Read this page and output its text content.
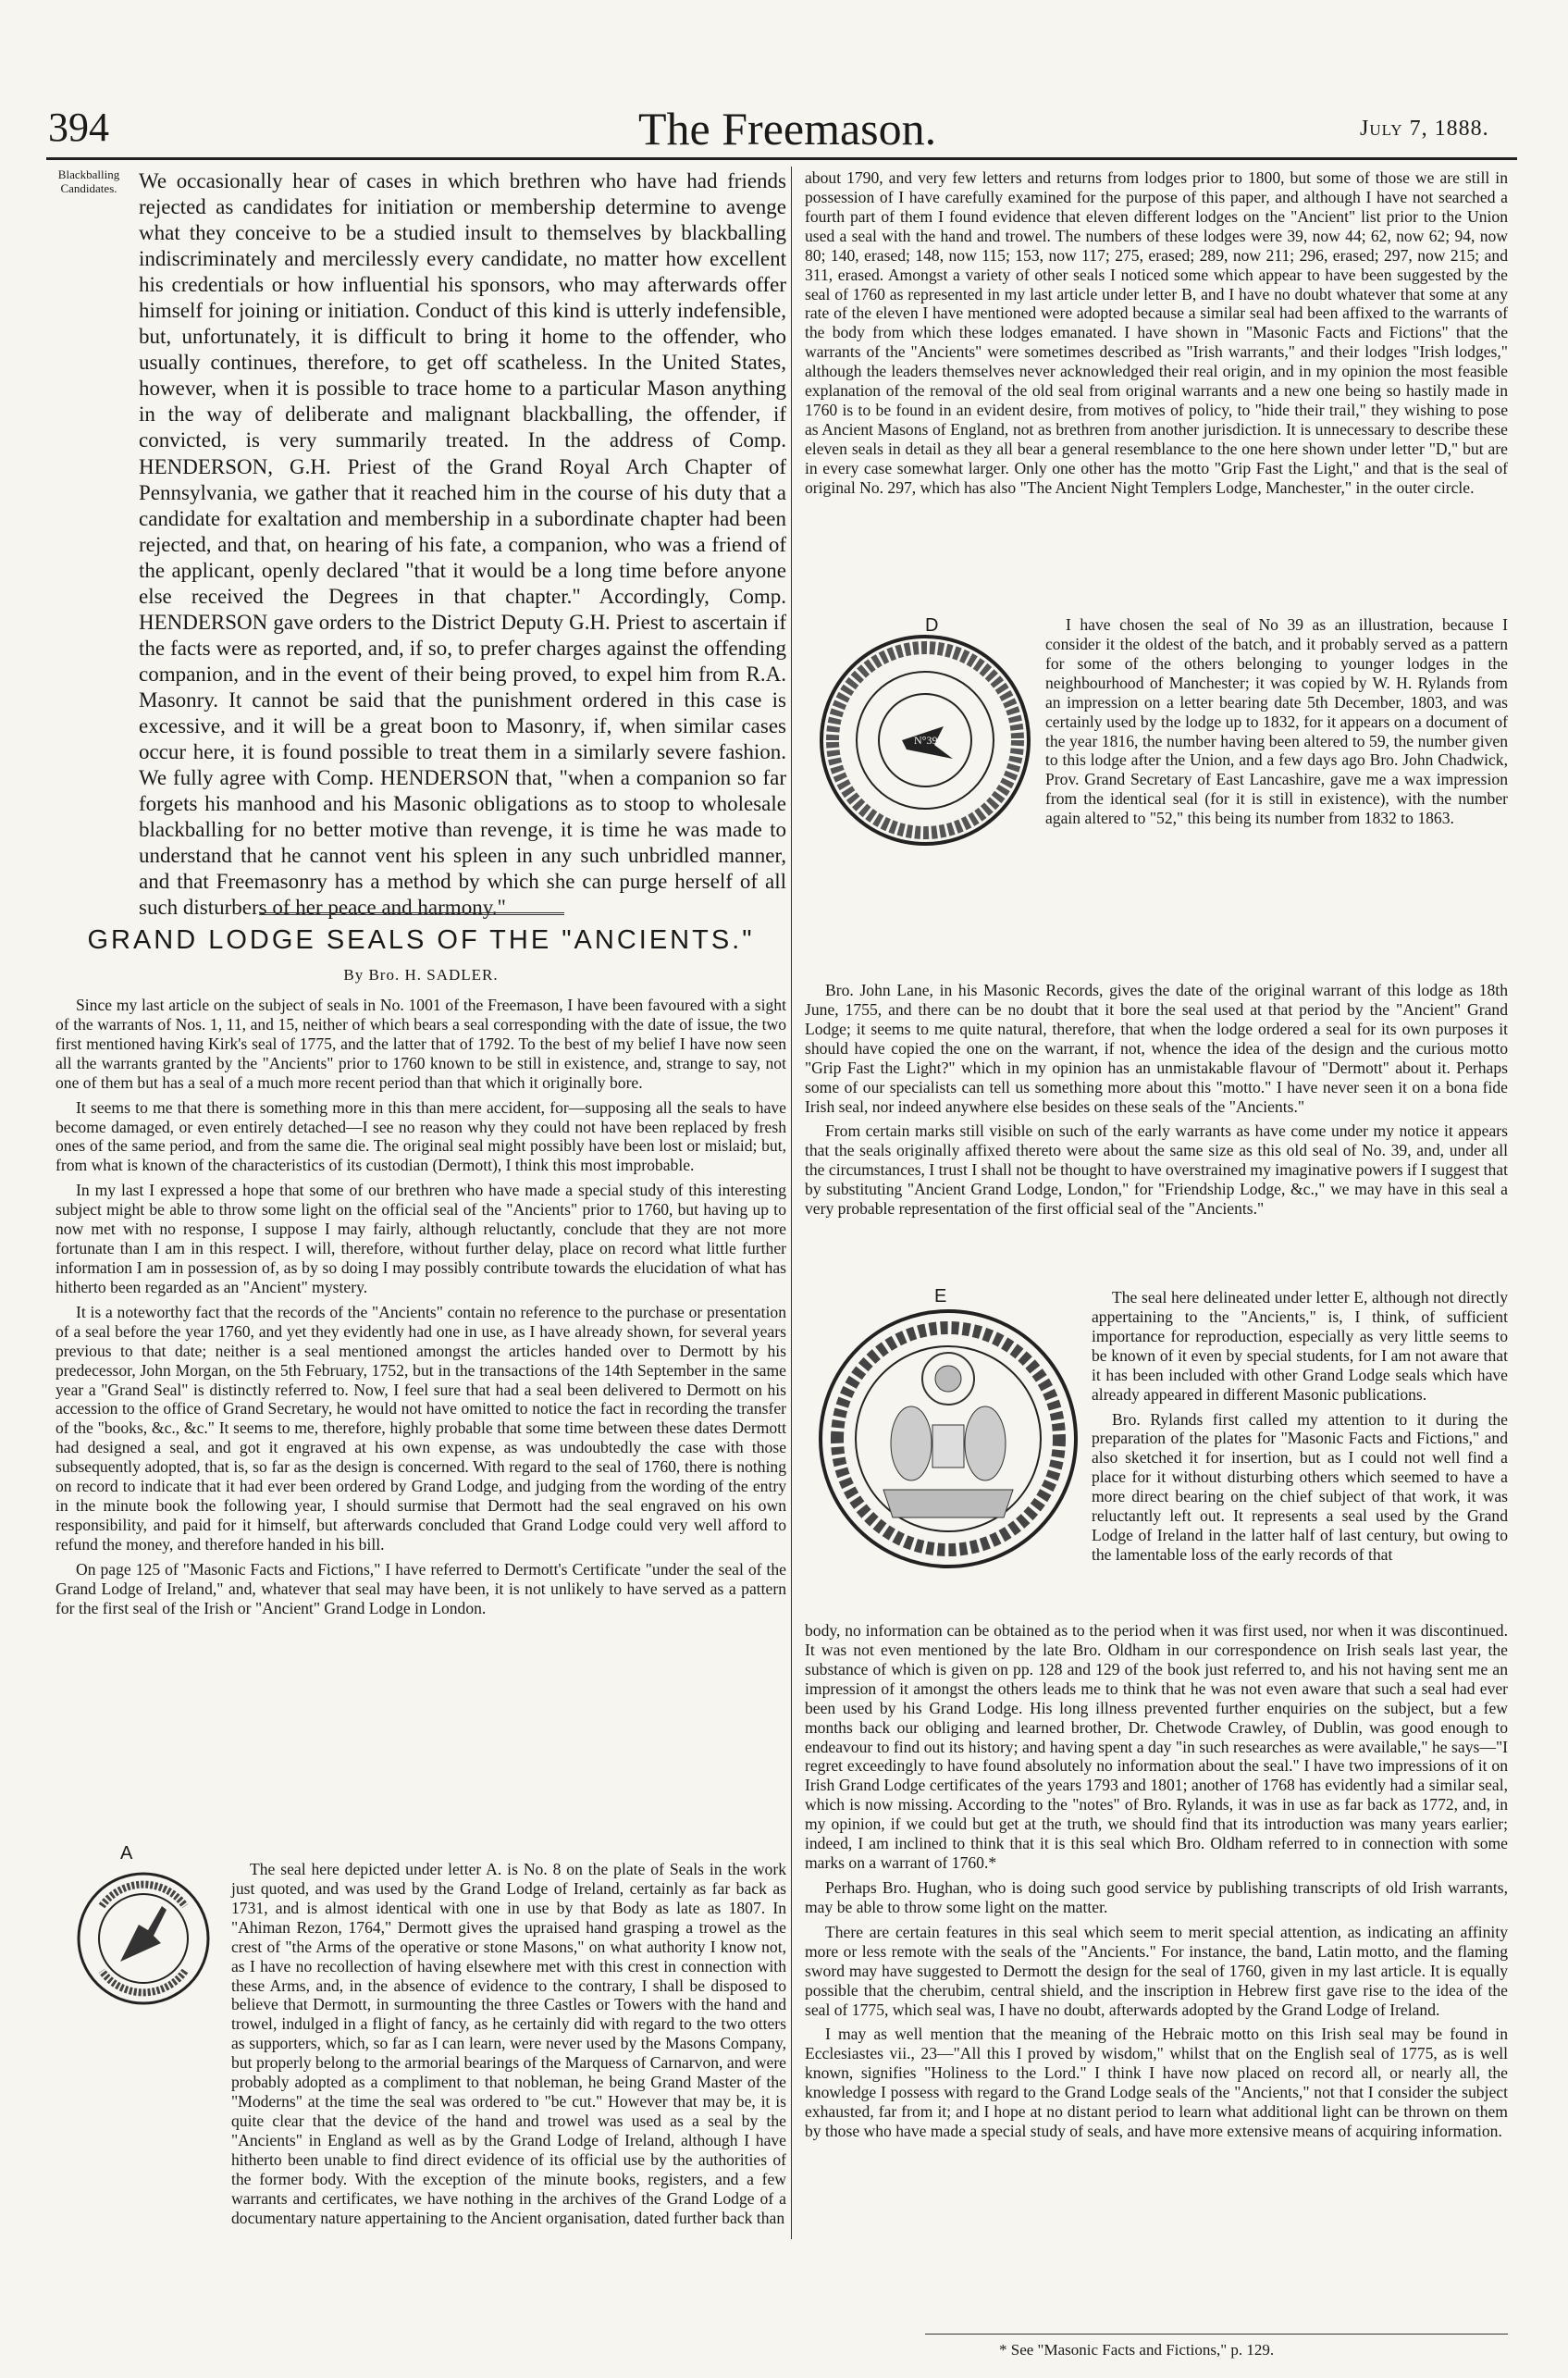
394	The Freemason.	July 7, 1888.
Blackballing Candidates.	We occasionally hear of cases in which brethren who have had friends rejected as candidates for initiation or membership determine to avenge what they conceive to be a studied insult to themselves by blackballing indiscriminately and mercilessly every candidate, no matter how excellent his credentials or how influential his sponsors, who may afterwards offer himself for joining or initiation. Conduct of this kind is utterly indefensible, but, unfortunately, it is difficult to bring it home to the offender, who usually continues, therefore, to get off scatheless. In the United States, however, when it is possible to trace home to a particular Mason anything in the way of deliberate and malignant blackballing, the offender, if convicted, is very summarily treated. In the address of Comp. HENDERSON, G.H. Priest of the Grand Royal Arch Chapter of Pennsylvania, we gather that it reached him in the course of his duty that a candidate for exaltation and membership in a subordinate chapter had been rejected, and that, on hearing of his fate, a companion, who was a friend of the applicant, openly declared "that it would be a long time before anyone else received the Degrees in that chapter." Accordingly, Comp. HENDERSON gave orders to the District Deputy G.H. Priest to ascertain if the facts were as reported, and, if so, to prefer charges against the offending companion, and in the event of their being proved, to expel him from R.A. Masonry. It cannot be said that the punishment ordered in this case is excessive, and it will be a great boon to Masonry, if, when similar cases occur here, it is found possible to treat them in a similarly severe fashion. We fully agree with Comp. HENDERSON that, "when a companion so far forgets his manhood and his Masonic obligations as to stoop to wholesale blackballing for no better motive than revenge, it is time he was made to understand that he cannot vent his spleen in any such unbridled manner, and that Freemasonry has a method by which she can purge herself of all such disturbers of her peace and harmony."

GRAND LODGE SEALS OF THE "ANCIENTS."
By Bro. H. SADLER.

Since my last article on the subject of seals in No. 1001 of the Freemason, I have been favoured with a sight of the warrants of Nos. 1, 11, and 15, neither of which bears a seal corresponding with the date of issue, the two first mentioned having Kirk's seal of 1775, and the latter that of 1792. To the best of my belief I have now seen all the warrants granted by the "Ancients" prior to 1760 known to be still in existence, and, strange to say, not one of them but has a seal of a much more recent period than that which it originally bore.

It seems to me that there is something more in this than mere accident, for—supposing all the seals to have become damaged, or even entirely detached—I see no reason why they could not have been replaced by fresh ones of the same period, and from the same die. The original seal might possibly have been lost or mislaid; but, from what is known of the characteristics of its custodian (Dermott), I think this most improbable.

In my last I expressed a hope that some of our brethren who have made a special study of this interesting subject might be able to throw some light on the official seal of the "Ancients" prior to 1760, but having up to now met with no response, I suppose I may fairly, although reluctantly, conclude that they are not more fortunate than I am in this respect. I will, therefore, without further delay, place on record what little further information I am in possession of, as by so doing I may possibly contribute towards the elucidation of what has hitherto been regarded as an "Ancient" mystery.

It is a noteworthy fact that the records of the "Ancients" contain no reference to the purchase or presentation of a seal before the year 1760, and yet they evidently had one in use, as I have already shown, for several years previous to that date; neither is a seal mentioned amongst the articles handed over to Dermott by his predecessor, John Morgan, on the 5th February, 1752, but in the transactions of the 14th September in the same year a "Grand Seal" is distinctly referred to. Now, I feel sure that had a seal been delivered to Dermott on his accession to the office of Grand Secretary, he would not have omitted to notice the fact in recording the transfer of the "books, &c., &c." It seems to me, therefore, highly probable that some time between these dates Dermott had designed a seal, and got it engraved at his own expense, as was undoubtedly the case with those subsequently adopted, that is, so far as the design is concerned. With regard to the seal of 1760, there is nothing on record to indicate that it had ever been ordered by Grand Lodge, and judging from the wording of the entry in the minute book the following year, I should surmise that Dermott had the seal engraved on his own responsibility, and paid for it himself, but afterwards concluded that Grand Lodge could very well afford to refund the money, and therefore handed in his bill.

On page 125 of "Masonic Facts and Fictions," I have referred to Dermott's Certificate "under the seal of the Grand Lodge of Ireland," and, whatever that seal may have been, it is not unlikely to have served as a pattern for the first seal of the Irish or "Ancient" Grand Lodge in London.

A

The seal here depicted under letter A. is No. 8 on the plate of Seals in the work just quoted, and was used by the Grand Lodge of Ireland, certainly as far back as 1731, and is almost identical with one in use by that Body as late as 1807. In "Ahiman Rezon, 1764," Dermott gives the upraised hand grasping a trowel as the crest of "the Arms of the operative or stone Masons," on what authority I know not, as I have no recollection of having elsewhere met with this crest in connection with these Arms, and, in the absence of evidence to the contrary, I shall be disposed to believe that Dermott, in surmounting the three Castles or Towers with the hand and trowel, indulged in a flight of fancy, as he certainly did with regard to the two otters as supporters, which, so far as I can learn, were never used by the Masons Company, but properly belong to the armorial bearings of the Marquess of Carnarvon, and were probably adopted as a compliment to that nobleman, he being Grand Master of the "Moderns" at the time the seal was ordered to "be cut." However that may be, it is quite clear that the device of the hand and trowel was used as a seal by the "Ancients" in England as well as by the Grand Lodge of Ireland, although I have hitherto been unable to find direct evidence of its official use by the authorities of the former body. With the exception of the minute books, registers, and a few warrants and certificates, we have nothing in the archives of the Grand Lodge of a documentary nature appertaining to the Ancient organisation, dated further back than

about 1790, and very few letters and returns from lodges prior to 1800, but some of those we are still in possession of I have carefully examined for the purpose of this paper, and although I have not searched a fourth part of them I found evidence that eleven different lodges on the "Ancient" list prior to the Union used a seal with the hand and trowel. The numbers of these lodges were 39, now 44; 62, now 62; 94, now 80; 140, erased; 148, now 115; 153, now 117; 275, erased; 289, now 211; 296, erased; 297, now 215; and 311, erased. Amongst a variety of other seals I noticed some which appear to have been suggested by the seal of 1760 as represented in my last article under letter B, and I have no doubt whatever that some at any rate of the eleven I have mentioned were adopted because a similar seal had been affixed to the warrants of the body from which these lodges emanated. I have shown in "Masonic Facts and Fictions" that the warrants of the "Ancients" were sometimes described as "Irish warrants," and their lodges "Irish lodges," although the leaders themselves never acknowledged their real origin, and in my opinion the most feasible explanation of the removal of the old seal from original warrants and a new one being so hastily made in 1760 is to be found in an evident desire, from motives of policy, to "hide their trail," they wishing to pose as Ancient Masons of England, not as brethren from another jurisdiction. It is unnecessary to describe these eleven seals in detail as they all bear a general resemblance to the one here shown under letter "D," but are in every case somewhat larger. Only one other has the motto "Grip Fast the Light," and that is the seal of original No. 297, which has also "The Ancient Night Templers Lodge, Manchester," in the outer circle.

D
N°39

I have chosen the seal of No 39 as an illustration, because I consider it the oldest of the batch, and it probably served as a pattern for some of the others belonging to younger lodges in the neighbourhood of Manchester; it was copied by W. H. Rylands from an impression on a letter bearing date 5th December, 1803, and was certainly used by the lodge up to 1832, for it appears on a document of the year 1816, the number having been altered to 59, the number given to this lodge after the Union, and a few days ago Bro. John Chadwick, Prov. Grand Secretary of East Lancashire, gave me a wax impression from the identical seal (for it is still in existence), with the number again altered to "52," this being its number from 1832 to 1863.

Bro. John Lane, in his Masonic Records, gives the date of the original warrant of this lodge as 18th June, 1755, and there can be no doubt that it bore the seal used at that period by the "Ancient" Grand Lodge; it seems to me quite natural, therefore, that when the lodge ordered a seal for its own purposes it should have copied the one on the warrant, if not, whence the idea of the design and the curious motto "Grip Fast the Light?" which in my opinion has an unmistakable flavour of "Dermott" about it. Perhaps some of our specialists can tell us something more about this "motto." I have never seen it on a bona fide Irish seal, nor indeed anywhere else besides on these seals of the "Ancients."

From certain marks still visible on such of the early warrants as have come under my notice it appears that the seals originally affixed thereto were about the same size as this old seal of No. 39, and, under all the circumstances, I trust I shall not be thought to have overstrained my imaginative powers if I suggest that by substituting "Ancient Grand Lodge, London," for "Friendship Lodge, &c.," we may have in this seal a very probable representation of the first official seal of the "Ancients."

E	The seal here delineated under letter E, although not directly appertaining to the "Ancients," is, I think, of sufficient importance for reproduction, especially as very little seems to be known of it even by special students, for I am not aware that it has been included with other Grand Lodge seals which have already appeared in different Masonic publications.

Bro. Rylands first called my attention to it during the preparation of the plates for "Masonic Facts and Fictions," and also sketched it for insertion, but as I could not well find a place for it without disturbing others which seemed to have a more direct bearing on the chief subject of that work, it was reluctantly left out. It represents a seal used by the Grand Lodge of Ireland in the latter half of last century, but owing to the lamentable loss of the early records of that

body, no information can be obtained as to the period when it was first used, nor when it was discontinued. It was not even mentioned by the late Bro. Oldham in our correspondence on Irish seals last year, the substance of which is given on pp. 128 and 129 of the book just referred to, and his not having sent me an impression of it amongst the others leads me to think that he was not even aware that such a seal had ever been used by his Grand Lodge. His long illness prevented further enquiries on the subject, but a few months back our obliging and learned brother, Dr. Chetwode Crawley, of Dublin, was good enough to endeavour to find out its history; and having spent a day "in such researches as were available," he says—"I regret exceedingly to have found absolutely no information about the seal." I have two impressions of it on Irish Grand Lodge certificates of the years 1793 and 1801; another of 1768 has evidently had a similar seal, which is now missing. According to the "notes" of Bro. Rylands, it was in use as far back as 1772, and, in my opinion, if we could but get at the truth, we should find that its introduction was many years earlier; indeed, I am inclined to think that it is this seal which Bro. Oldham referred to in connection with some marks on a warrant of 1760.*

Perhaps Bro. Hughan, who is doing such good service by publishing transcripts of old Irish warrants, may be able to throw some light on the matter.

There are certain features in this seal which seem to merit special attention, as indicating an affinity more or less remote with the seals of the "Ancients." For instance, the band, Latin motto, and the flaming sword may have suggested to Dermott the design for the seal of 1760, given in my last article. It is equally possible that the cherubim, central shield, and the inscription in Hebrew first gave rise to the idea of the seal of 1775, which seal was, I have no doubt, afterwards adopted by the Grand Lodge of Ireland.

I may as well mention that the meaning of the Hebraic motto on this Irish seal may be found in Ecclesiastes vii., 23—"All this I proved by wisdom," whilst that on the English seal of 1775, as is well known, signifies "Holiness to the Lord." I think I have now placed on record all, or nearly all, the knowledge I possess with regard to the Grand Lodge seals of the "Ancients," not that I consider the subject exhausted, far from it; and I hope at no distant period to learn what additional light can be thrown on them by those who have made a special study of seals, and have more extensive means of acquiring information.

* See "Masonic Facts and Fictions," p. 129.
